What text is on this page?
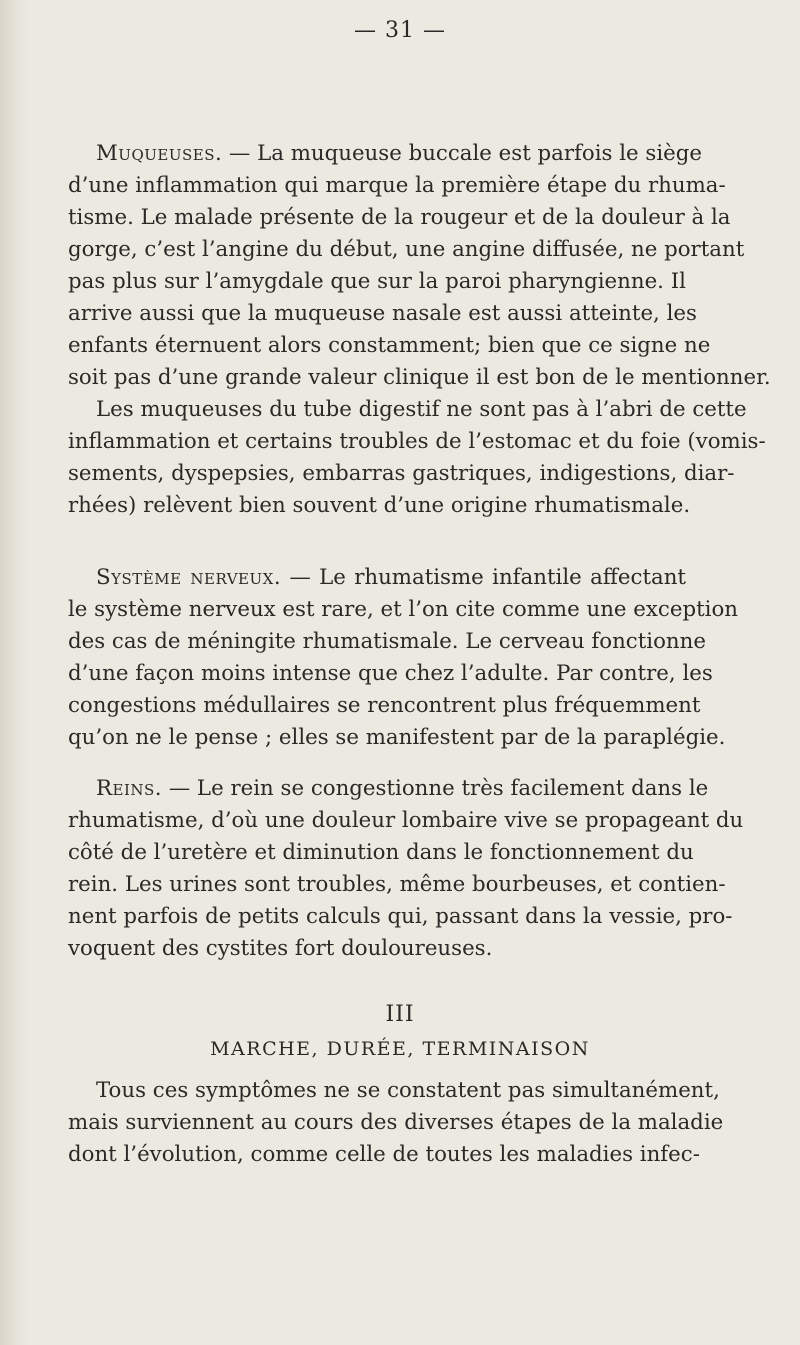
— 31 —
Muqueuses. — La muqueuse buccale est parfois le siège
d’une inflammation qui marque la première étape du rhuma-
tisme. Le malade présente de la rougeur et de la douleur à la
gorge, c’est l’angine du début, une angine diffusée, ne portant
pas plus sur l’amygdale que sur la paroi pharyngienne. Il
arrive aussi que la muqueuse nasale est aussi atteinte, les
enfants éternuent alors constamment; bien que ce signe ne
soit pas d’une grande valeur clinique il est bon de le mentionner.
Les muqueuses du tube digestif ne sont pas à l’abri de cette
inflammation et certains troubles de l’estomac et du foie (vomis-
sements, dyspepsies, embarras gastriques, indigestions, diar-
rhées) relèvent bien souvent d’une origine rhumatismale.
Système nerveux. — Le rhumatisme infantile affectant
le système nerveux est rare, et l’on cite comme une exception
des cas de méningite rhumatismale. Le cerveau fonctionne
d’une façon moins intense que chez l’adulte. Par contre, les
congestions médullaires se rencontrent plus fréquemment
qu’on ne le pense ; elles se manifestent par de la paraplégie.
Reins. — Le rein se congestionne très facilement dans le
rhumatisme, d’où une douleur lombaire vive se propageant du
côté de l’uretère et diminution dans le fonctionnement du
rein. Les urines sont troubles, même bourbeuses, et contien-
nent parfois de petits calculs qui, passant dans la vessie, pro-
voquent des cystites fort douloureuses.
III
MARCHE, DURÉE, TERMINAISON
Tous ces symptômes ne se constatent pas simultanément,
mais surviennent au cours des diverses étapes de la maladie
dont l’évolution, comme celle de toutes les maladies infec-
